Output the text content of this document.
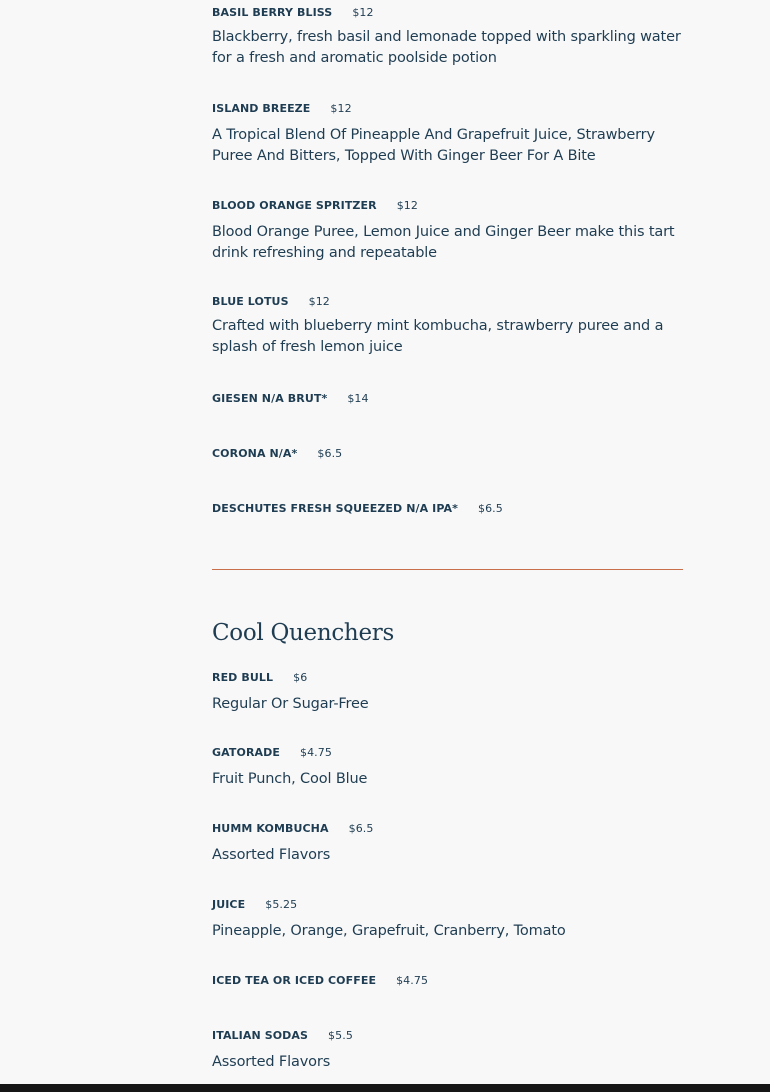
BASIL BERRY BLISS $12
Blackberry, fresh basil and lemonade topped with sparkling water for a fresh and aromatic poolside potion
ISLAND BREEZE $12
A Tropical Blend Of Pineapple And Grapefruit Juice, Strawberry Puree And Bitters, Topped With Ginger Beer For A Bite
BLOOD ORANGE SPRITZER $12
Blood Orange Puree, Lemon Juice and Ginger Beer make this tart drink refreshing and repeatable
BLUE LOTUS $12
Crafted with blueberry mint kombucha, strawberry puree and a splash of fresh lemon juice
GIESEN N/A BRUT* $14
CORONA N/A* $6.5
DESCHUTES FRESH SQUEEZED N/A IPA* $6.5
Cool Quenchers
RED BULL $6
Regular Or Sugar-Free
GATORADE $4.75
Fruit Punch, Cool Blue
HUMM KOMBUCHA $6.5
Assorted Flavors
JUICE $5.25
Pineapple, Orange, Grapefruit, Cranberry, Tomato
ICED TEA OR ICED COFFEE $4.75
ITALIAN SODAS $5.5
Assorted Flavors
